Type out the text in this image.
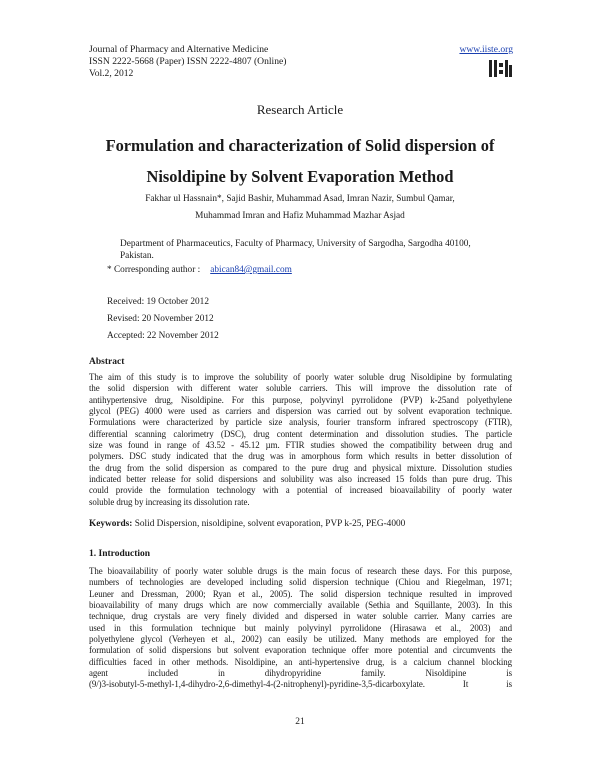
Journal of Pharmacy and Alternative Medicine
ISSN 2222-5668 (Paper) ISSN 2222-4807 (Online)
Vol.2, 2012
www.iiste.org
Research Article
Formulation and characterization of Solid dispersion of
Nisoldipine by Solvent Evaporation Method
Fakhar ul Hassnain*, Sajid Bashir, Muhammad Asad, Imran Nazir, Sumbul Qamar,
Muhammad Imran and Hafiz Muhammad Mazhar Asjad
Department of Pharmaceutics, Faculty of Pharmacy, University of Sargodha, Sargodha 40100,
Pakistan.
* Corresponding author : abican84@gmail.com
Received: 19 October 2012
Revised: 20 November 2012
Accepted: 22 November 2012
Abstract
The aim of this study is to improve the solubility of poorly water soluble drug Nisoldipine by formulating
the solid dispersion with different water soluble carriers. This will improve the dissolution rate of
antihypertensive drug, Nisoldipine. For this purpose, polyvinyl pyrrolidone (PVP) k-25and polyethylene
glycol (PEG) 4000 were used as carriers and dispersion was carried out by solvent evaporation technique.
Formulations were characterized by particle size analysis, fourier transform infrared spectroscopy (FTIR),
differential scanning calorimetry (DSC), drug content determination and dissolution studies. The particle
size was found in range of 43.52 - 45.12 µm. FTIR studies showed the compatibility between drug and
polymers. DSC study indicated that the drug was in amorphous form which results in better dissolution of
the drug from the solid dispersion as compared to the pure drug and physical mixture. Dissolution studies
indicated better release for solid dispersions and solubility was also increased 15 folds than pure drug. This
could provide the formulation technology with a potential of increased bioavailability of poorly water
soluble drug by increasing its dissolution rate.
Keywords: Solid Dispersion, nisoldipine, solvent evaporation, PVP k-25, PEG-4000
1. Introduction
The bioavailability of poorly water soluble drugs is the main focus of research these days. For this purpose,
numbers of technologies are developed including solid dispersion technique (Chiou and Riegelman, 1971;
Leuner and Dressman, 2000; Ryan et al., 2005). The solid dispersion technique resulted in improved
bioavailability of many drugs which are now commercially available (Sethia and Squillante, 2003). In this
technique, drug crystals are very finely divided and dispersed in water soluble carrier. Many carries are
used in this formulation technique but mainly polyvinyl pyrrolidone (Hirasawa et al., 2003) and
polyethylene glycol (Verheyen et al., 2002) can easily be utilized. Many methods are employed for the
formulation of solid dispersions but solvent evaporation technique offer more potential and circumvents the
difficulties faced in other methods. Nisoldipine, an anti-hypertensive drug, is a calcium channel blocking
agent included in dihydropyridine family. Nisoldipine is
(9/)3-isobutyl-5-methyl-1,4-dihydro-2,6-dimethyl-4-(2-nitrophenyl)-pyridine-3,5-dicarboxylate. It is
21
